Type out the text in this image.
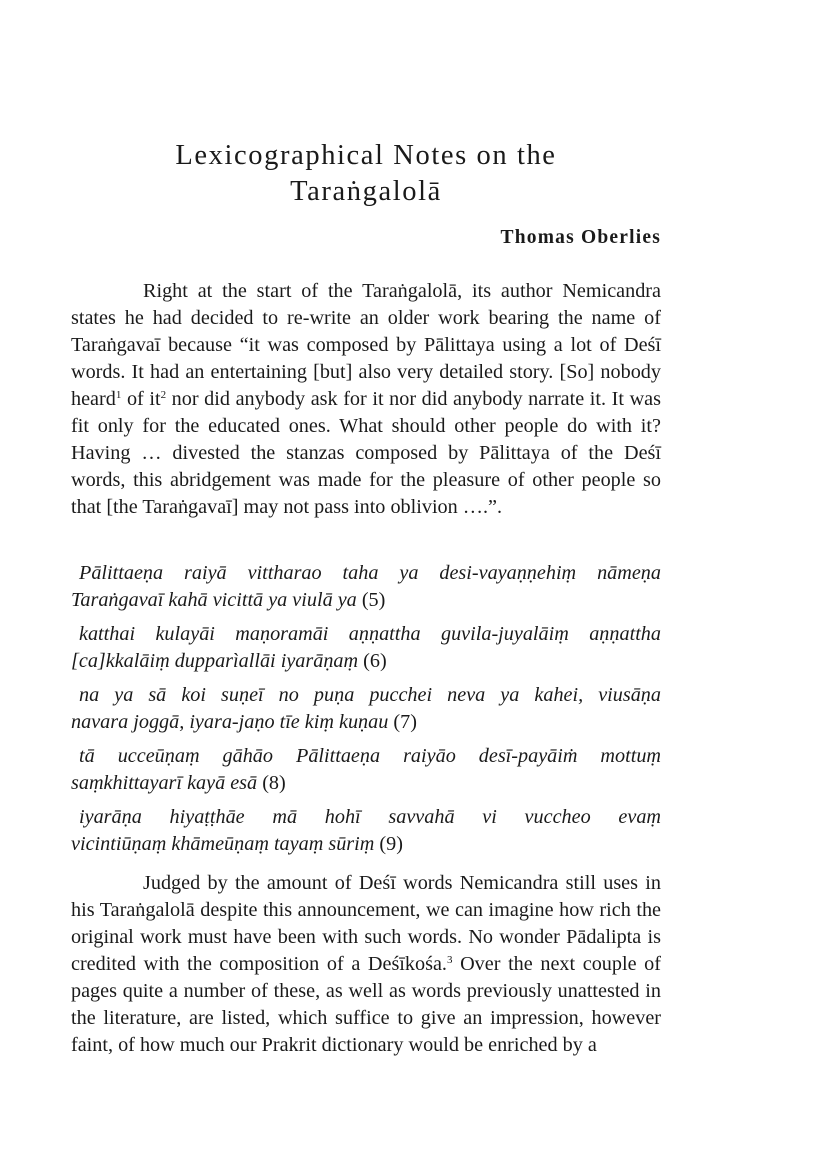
Lexicographical Notes on the
Taraṅgalolā
Thomas Oberlies

Right at the start of the Taraṅgalolā, its author Nemicandra states he had decided to re-write an older work bearing the name of Taraṅgavaī because “it was composed by Pālittaya using a lot of Deśī words. It had an entertaining [but] also very detailed story. [So] nobody heard$^1$ of $it^2$ nor did anybody ask for it nor did anybody narrate it. It was fit only for the educated ones. What should other people do with it? Having … divested the stanzas composed by Pālittaya of the Deśī words, this abridgement was made for the pleasure of other people so that [the Taraṅgavaī] may not pass into oblivion ….”.

Pālittaeṇa raiyā vittharao taha ya desi-vayaṇṇehiṃ nāmeṇa
Taraṅgavaī kahā vicittā ya viulā ya (5)
katthai kulayāi maṇoramāi aṇṇattha guvila-juyalāiṃ aṇṇattha
[ca]kkalāiṃ dupparìallāi iyarāṇaṃ (6)
na ya sā koi suṇeī no puṇa pucchei neva ya kahei, viusāṇa
navara joggā, iyara-jaṇo tīe kiṃ kuṇau (7)
tā ucceūṇaṃ gāhāo Pālittaeṇa raiyāo desī-payāiṁ mottuṃ
saṃkhittayarī kayā esā (8)
iyarāṇa hiyaṭṭhāe mā hohī savvahā vi vuccheo evaṃ
vicintiūṇaṃ khāmeūṇaṃ tayaṃ sūriṃ (9)

Judged by the amount of Deśī words Nemicandra still uses in his Taraṅgalolā despite this announcement, we can imagine how rich the original work must have been with such words. No wonder Pādalipta is credited with the composition of a Deśīkośa.$^3$ Over the next couple of pages quite a number of these, as well as words previously unattested in the literature, are listed, which suffice to give an impression, however faint, of how much our Prakrit dictionary would be enriched by a
